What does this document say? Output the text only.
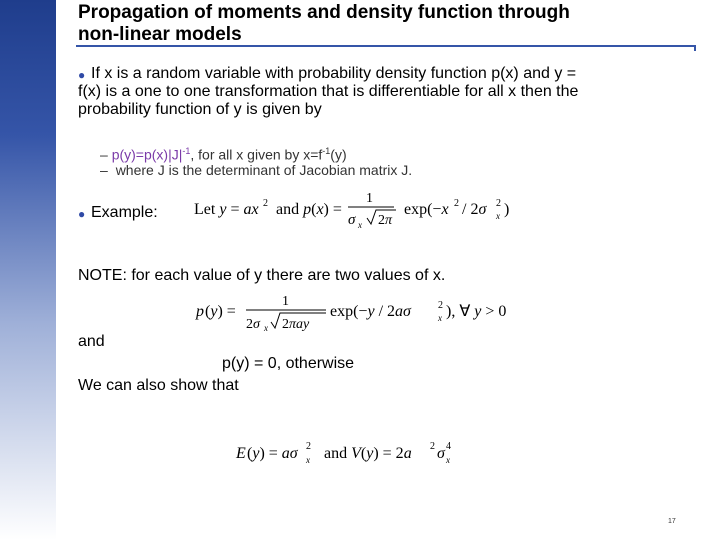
Propagation of moments and density function through
non-linear models
● If x is a random variable with probability density function p(x) and y =
f(x) is a one to one transformation that is differentiable for all x then the
probability function of y is given by
– $p(y)=p(x)|J|^{-1}$, for all x given by $x=f^{-1}(y)$
– where J is the determinant of Jacobian matrix J.
● Example: Let y = ax 2 and p(x) =
1
σ x 2π
exp(−x 2 / 2σ 2
x )
NOTE: for each value of y there are two values of x.
p (y) =
1
2σ x 2πay
exp(−y / 2aσ	2
x ), ∀ y > 0
and
p(y) = 0, otherwise
We can also show that
E (y) = aσ 2
x and V(y) = 2a 2 σ 4
x
17
